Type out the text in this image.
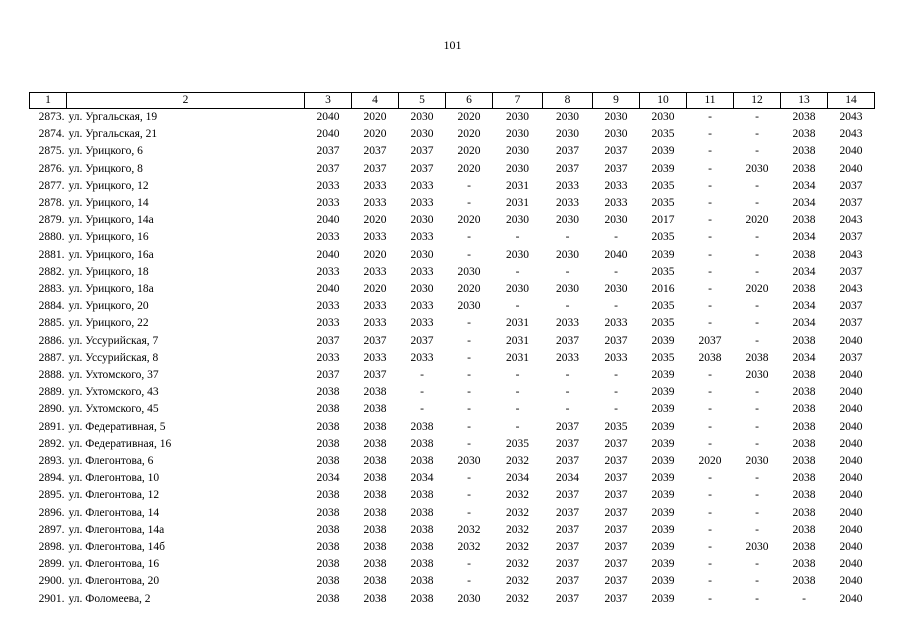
101
1	2	3	4	5	6	7	8	9	10	11	12	13	14
2873.	ул. Ургальская, 19	2040	2020	2030	2020	2030	2030	2030	2030	-	-	2038	2043
2874.	ул. Ургальская, 21	2040	2020	2030	2020	2030	2030	2030	2035	-	-	2038	2043
2875.	ул. Урицкого, 6	2037	2037	2037	2020	2030	2037	2037	2039	-	-	2038	2040
2876.	ул. Урицкого, 8	2037	2037	2037	2020	2030	2037	2037	2039	-	2030	2038	2040
2877.	ул. Урицкого, 12	2033	2033	2033	-	2031	2033	2033	2035	-	-	2034	2037
2878.	ул. Урицкого, 14	2033	2033	2033	-	2031	2033	2033	2035	-	-	2034	2037
2879.	ул. Урицкого, 14а	2040	2020	2030	2020	2030	2030	2030	2017	-	2020	2038	2043
2880.	ул. Урицкого, 16	2033	2033	2033	-	-	-	-	2035	-	-	2034	2037
2881.	ул. Урицкого, 16а	2040	2020	2030	-	2030	2030	2040	2039	-	-	2038	2043
2882.	ул. Урицкого, 18	2033	2033	2033	2030	-	-	-	2035	-	-	2034	2037
2883.	ул. Урицкого, 18а	2040	2020	2030	2020	2030	2030	2030	2016	-	2020	2038	2043
2884.	ул. Урицкого, 20	2033	2033	2033	2030	-	-	-	2035	-	-	2034	2037
2885.	ул. Урицкого, 22	2033	2033	2033	-	2031	2033	2033	2035	-	-	2034	2037
2886.	ул. Уссурийская, 7	2037	2037	2037	-	2031	2037	2037	2039	2037	-	2038	2040
2887.	ул. Уссурийская, 8	2033	2033	2033	-	2031	2033	2033	2035	2038	2038	2034	2037
2888.	ул. Ухтомского, 37	2037	2037	-	-	-	-	-	2039	-	2030	2038	2040
2889.	ул. Ухтомского, 43	2038	2038	-	-	-	-	-	2039	-	-	2038	2040
2890.	ул. Ухтомского, 45	2038	2038	-	-	-	-	-	2039	-	-	2038	2040
2891.	ул. Федеративная, 5	2038	2038	2038	-	-	2037	2035	2039	-	-	2038	2040
2892.	ул. Федеративная, 16	2038	2038	2038	-	2035	2037	2037	2039	-	-	2038	2040
2893.	ул. Флегонтова, 6	2038	2038	2038	2030	2032	2037	2037	2039	2020	2030	2038	2040
2894.	ул. Флегонтова, 10	2034	2038	2034	-	2034	2034	2037	2039	-	-	2038	2040
2895.	ул. Флегонтова, 12	2038	2038	2038	-	2032	2037	2037	2039	-	-	2038	2040
2896.	ул. Флегонтова, 14	2038	2038	2038	-	2032	2037	2037	2039	-	-	2038	2040
2897.	ул. Флегонтова, 14а	2038	2038	2038	2032	2032	2037	2037	2039	-	-	2038	2040
2898.	ул. Флегонтова, 14б	2038	2038	2038	2032	2032	2037	2037	2039	-	2030	2038	2040
2899.	ул. Флегонтова, 16	2038	2038	2038	-	2032	2037	2037	2039	-	-	2038	2040
2900.	ул. Флегонтова, 20	2038	2038	2038	-	2032	2037	2037	2039	-	-	2038	2040
2901.	ул. Фоломеева, 2	2038	2038	2038	2030	2032	2037	2037	2039	-	-	-	2040
